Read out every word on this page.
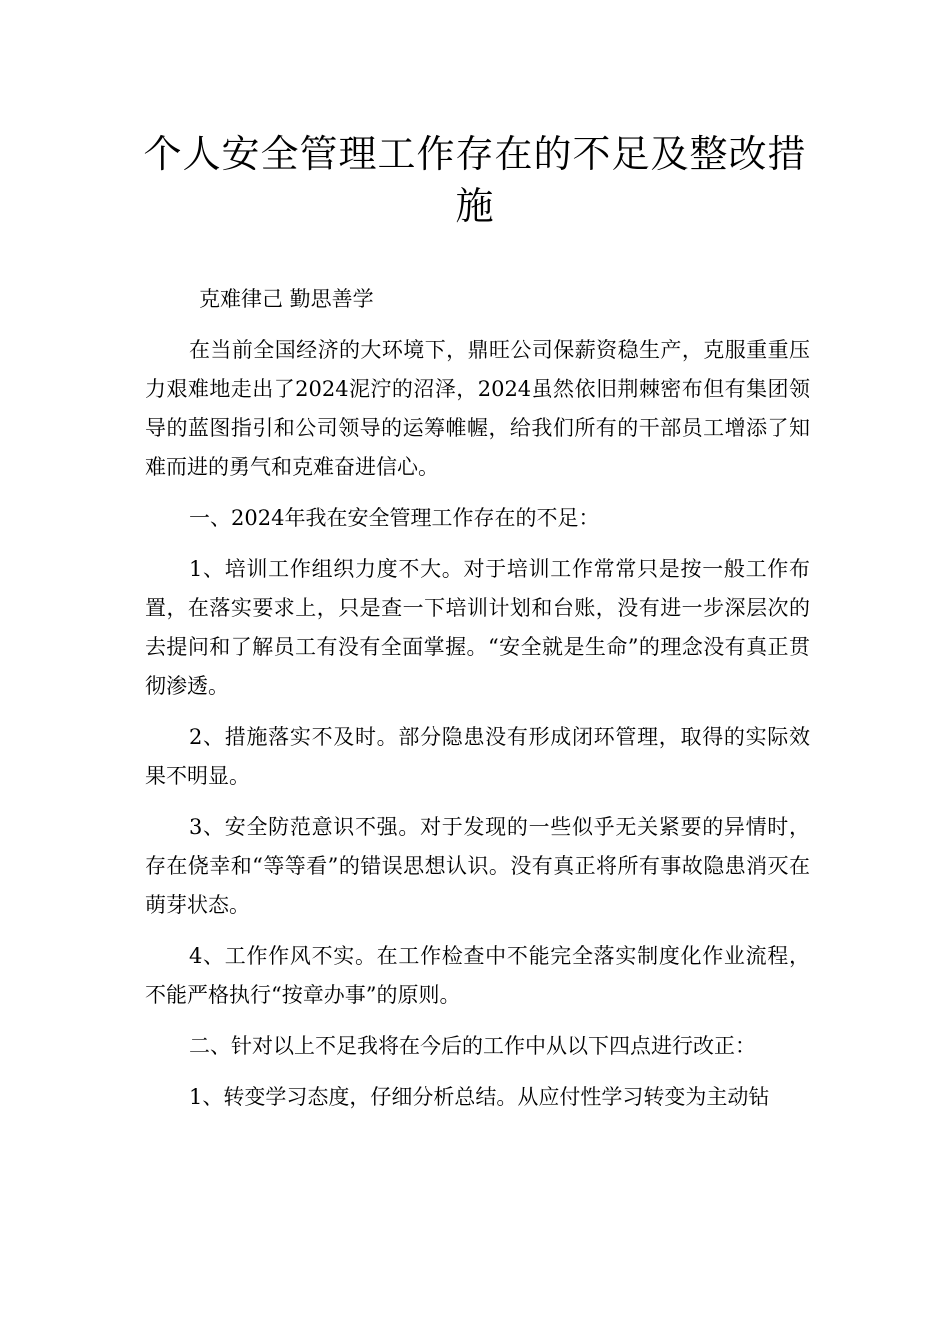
个人安全管理工作存在的不足及整改措施

克难律己 勤思善学

在当前全国经济的大环境下，鼎旺公司保薪资稳生产，克服重重压力艰难地走出了2024泥泞的沼泽，2024虽然依旧荆棘密布但有集团领导的蓝图指引和公司领导的运筹帷幄，给我们所有的干部员工增添了知难而进的勇气和克难奋进信心。

一、2024年我在安全管理工作存在的不足：

1、培训工作组织力度不大。对于培训工作常常只是按一般工作布置，在落实要求上，只是查一下培训计划和台账，没有进一步深层次的去提问和了解员工有没有全面掌握。“安全就是生命”的理念没有真正贯彻渗透。

2、措施落实不及时。部分隐患没有形成闭环管理，取得的实际效果不明显。

3、安全防范意识不强。对于发现的一些似乎无关紧要的异情时，存在侥幸和“等等看”的错误思想认识。没有真正将所有事故隐患消灭在萌芽状态。

4、工作作风不实。在工作检查中不能完全落实制度化作业流程，不能严格执行“按章办事”的原则。

二、针对以上不足我将在今后的工作中从以下四点进行改正：

1、转变学习态度，仔细分析总结。从应付性学习转变为主动钻
